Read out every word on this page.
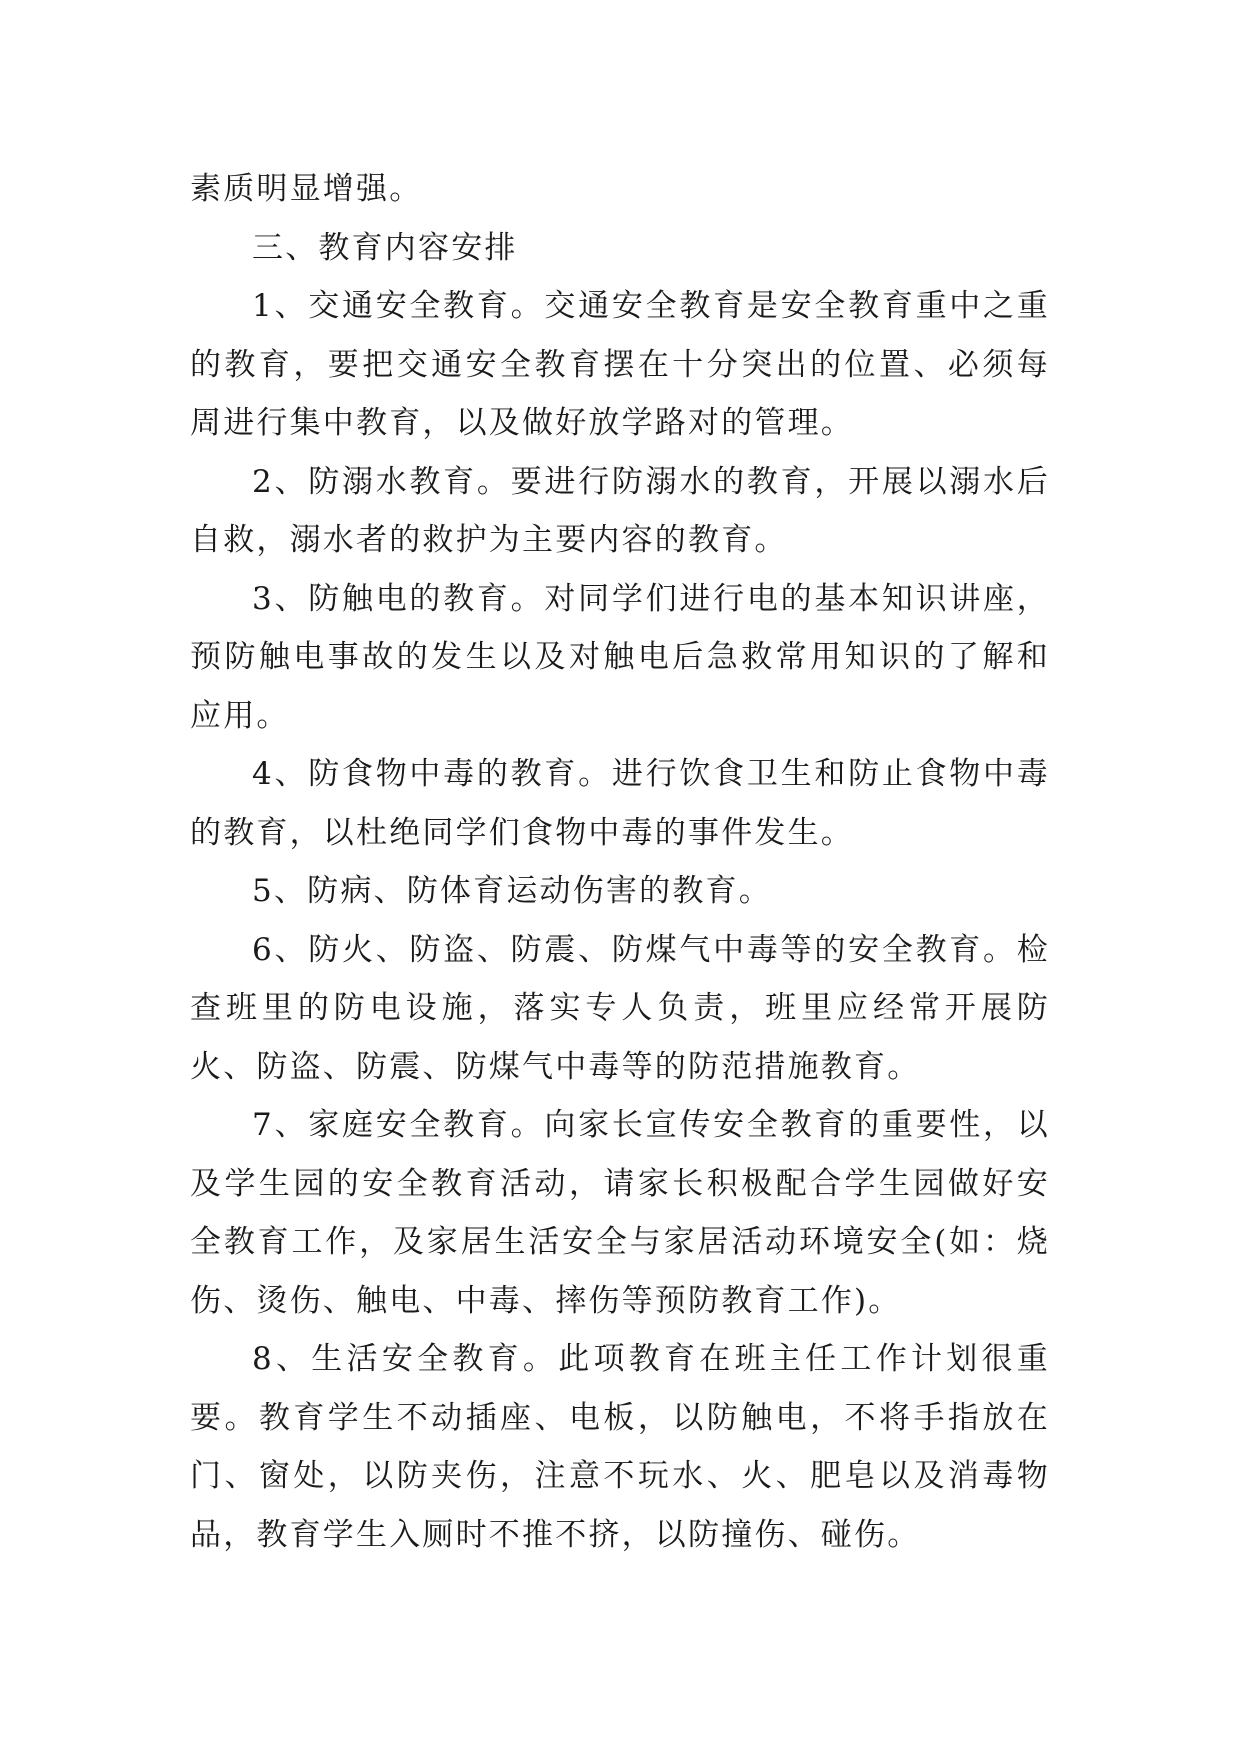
素质明显增强。

三、教育内容安排

1、交通安全教育。交通安全教育是安全教育重中之重的教育，要把交通安全教育摆在十分突出的位置、必须每周进行集中教育，以及做好放学路对的管理。

2、防溺水教育。要进行防溺水的教育，开展以溺水后自救，溺水者的救护为主要内容的教育。

3、防触电的教育。对同学们进行电的基本知识讲座，预防触电事故的发生以及对触电后急救常用知识的了解和应用。

4、防食物中毒的教育。进行饮食卫生和防止食物中毒的教育，以杜绝同学们食物中毒的事件发生。

5、防病、防体育运动伤害的教育。

6、防火、防盗、防震、防煤气中毒等的安全教育。检查班里的防电设施，落实专人负责，班里应经常开展防火、防盗、防震、防煤气中毒等的防范措施教育。

7、家庭安全教育。向家长宣传安全教育的重要性，以及学生园的安全教育活动，请家长积极配合学生园做好安全教育工作，及家居生活安全与家居活动环境安全(如：烧伤、烫伤、触电、中毒、摔伤等预防教育工作)。

8、生活安全教育。此项教育在班主任工作计划很重要。教育学生不动插座、电板，以防触电，不将手指放在门、窗处，以防夹伤，注意不玩水、火、肥皂以及消毒物品，教育学生入厕时不推不挤，以防撞伤、碰伤。
